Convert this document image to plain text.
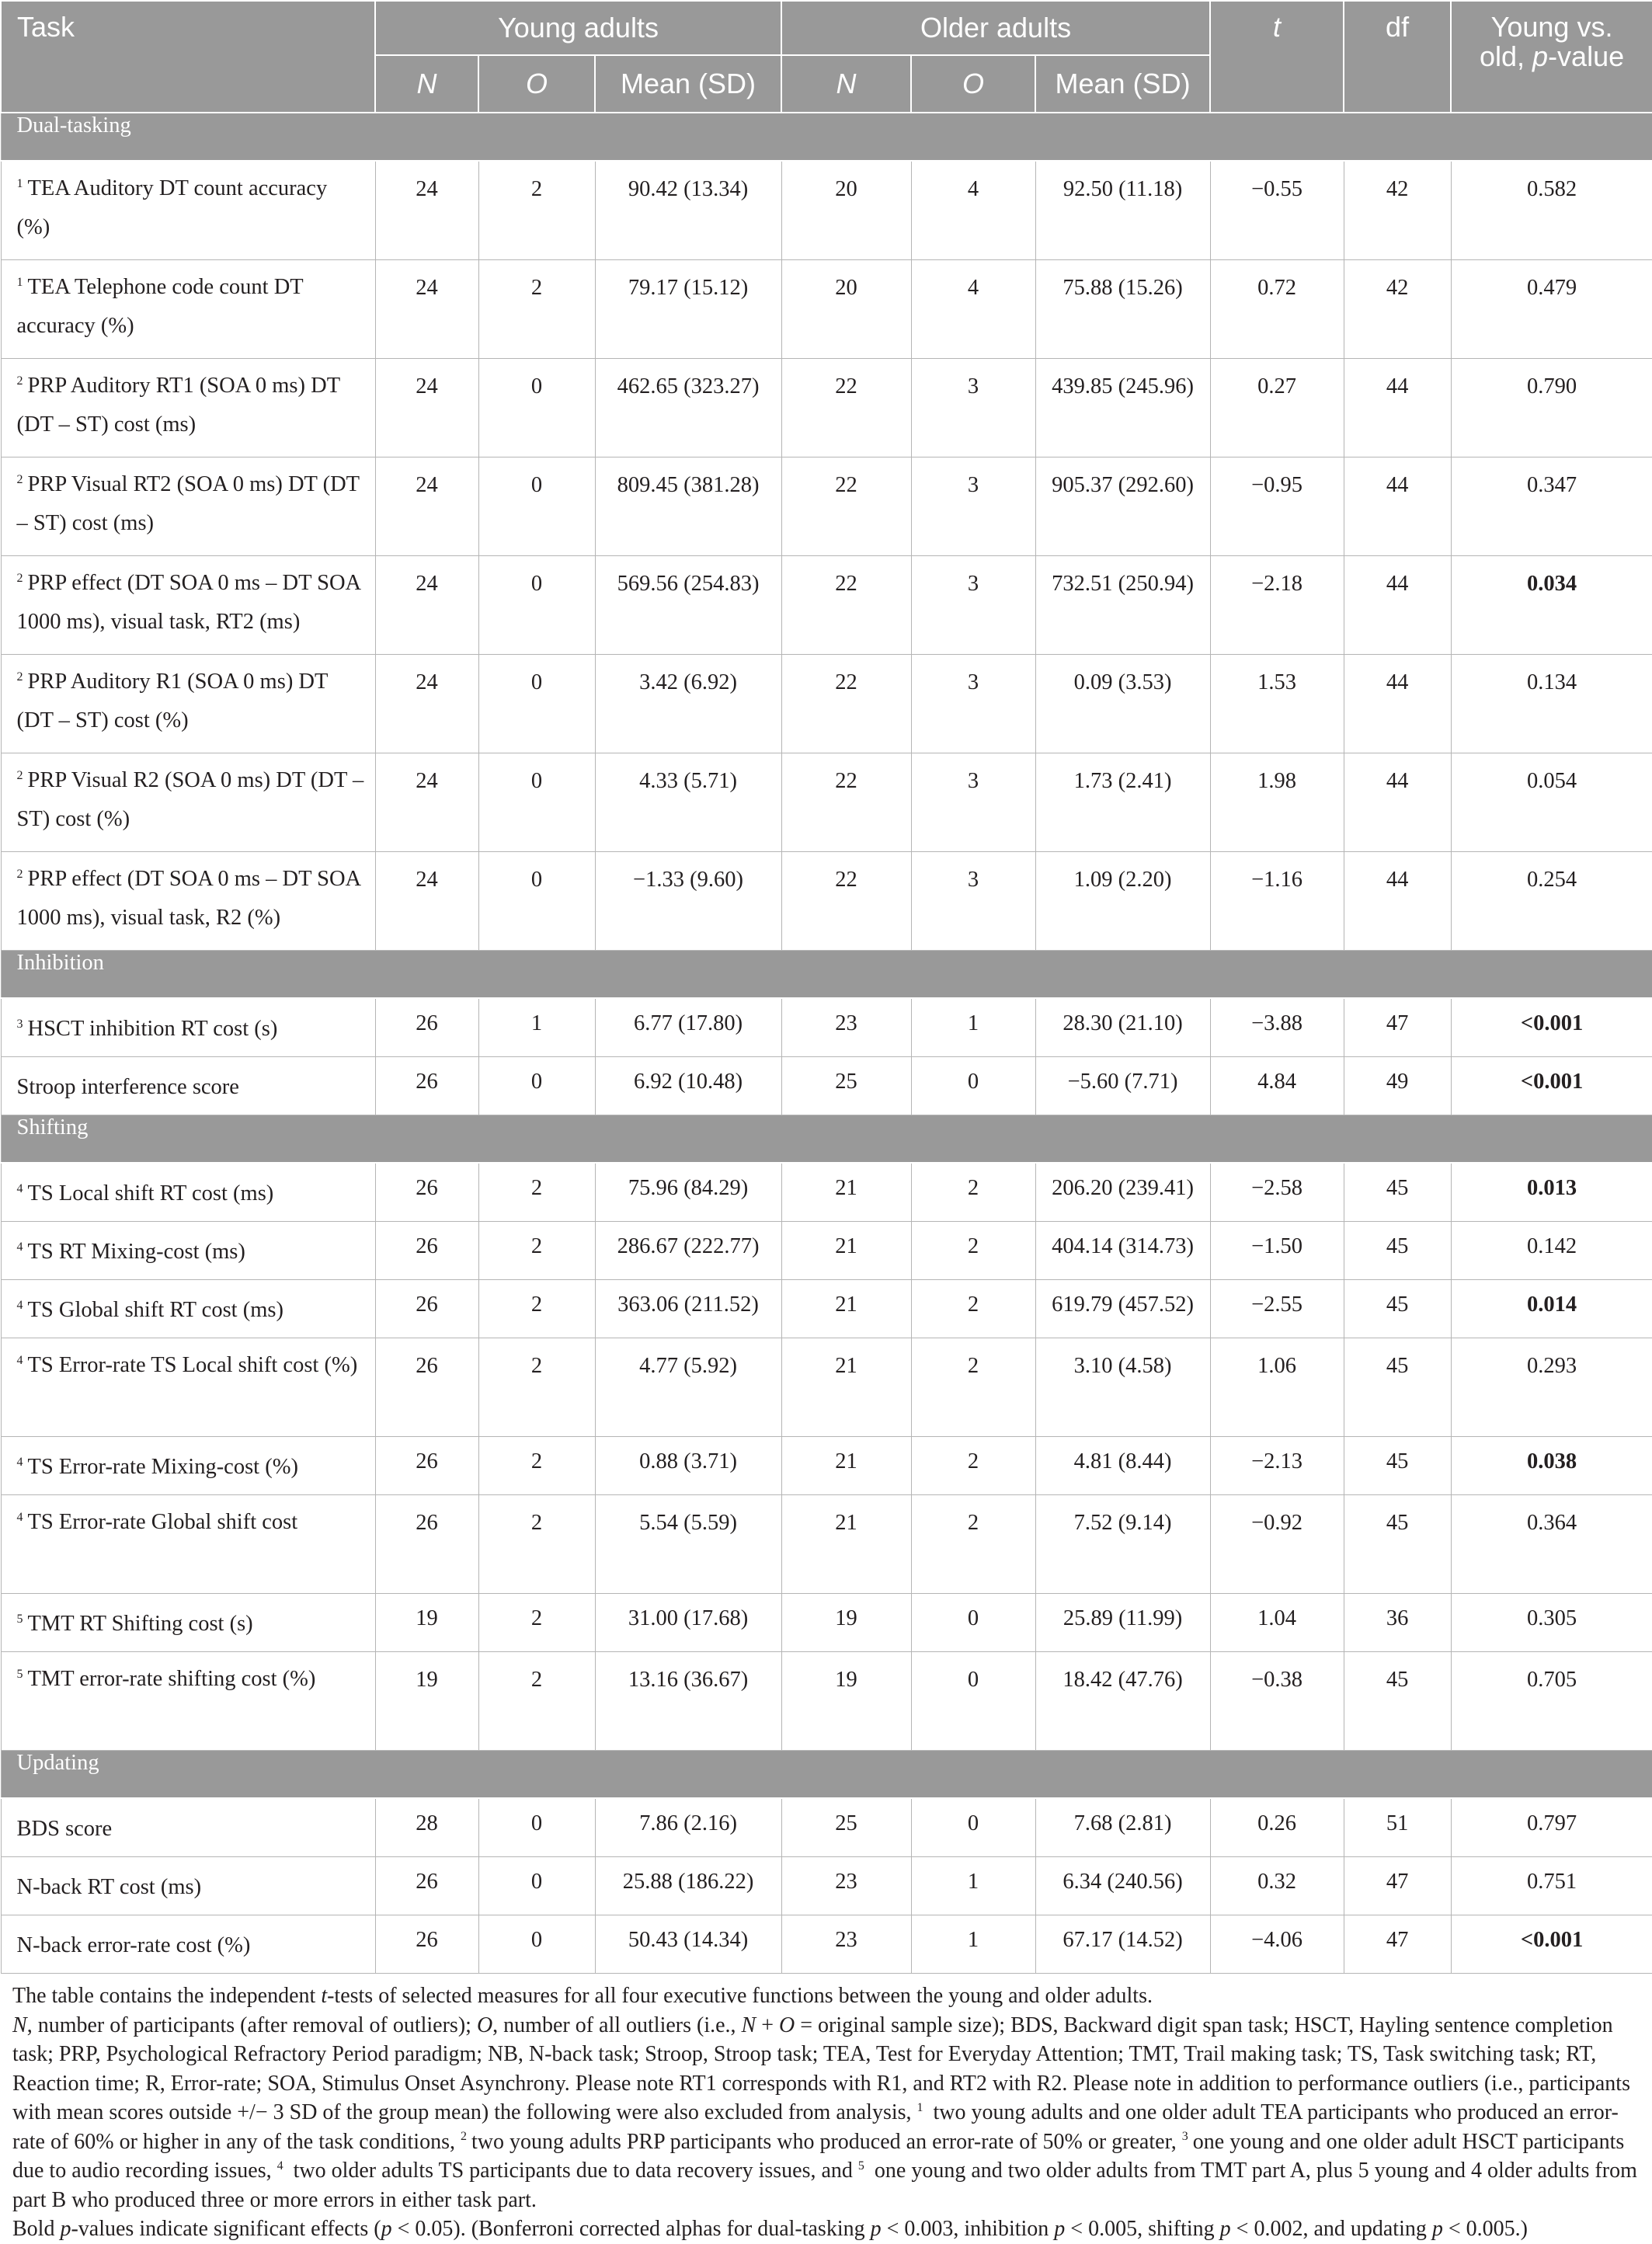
Task	Young adults			Older adults			t	df	Young vs.
old, p-value
	N	O	Mean (SD)	N	O	Mean (SD)			
Dual-tasking									
$^1$ TEA Auditory DT count accuracy (%)	24	2	90.42 (13.34)	20	4	92.50 (11.18)	−0.55	42	0.582
$^1$ TEA Telephone code count DT accuracy (%)	24	2	79.17 (15.12)	20	4	75.88 (15.26)	0.72	42	0.479
$^2$ PRP Auditory RT1 (SOA 0 ms) DT (DT – ST) cost (ms)	24	0	462.65 (323.27)	22	3	439.85 (245.96)	0.27	44	0.790
$^2$ PRP Visual RT2 (SOA 0 ms) DT (DT – ST) cost (ms)	24	0	809.45 (381.28)	22	3	905.37 (292.60)	−0.95	44	0.347
$^2$ PRP effect (DT SOA 0 ms – DT SOA 1000 ms), visual task, RT2 (ms)	24	0	569.56 (254.83)	22	3	732.51 (250.94)	−2.18	44	0.034
$^2$ PRP Auditory R1 (SOA 0 ms) DT (DT – ST) cost (%)	24	0	3.42 (6.92)	22	3	0.09 (3.53)	1.53	44	0.134
$^2$ PRP Visual R2 (SOA 0 ms) DT (DT – ST) cost (%)	24	0	4.33 (5.71)	22	3	1.73 (2.41)	1.98	44	0.054
$^2$ PRP effect (DT SOA 0 ms – DT SOA 1000 ms), visual task, R2 (%)	24	0	−1.33 (9.60)	22	3	1.09 (2.20)	−1.16	44	0.254
Inhibition									
$^3$ HSCT inhibition RT cost (s)	26	1	6.77 (17.80)	23	1	28.30 (21.10)	−3.88	47	<0.001
Stroop interference score	26	0	6.92 (10.48)	25	0	−5.60 (7.71)	4.84	49	<0.001
Shifting									
$^4$ TS Local shift RT cost (ms)	26	2	75.96 (84.29)	21	2	206.20 (239.41)	−2.58	45	0.013
$^4$ TS RT Mixing-cost (ms)	26	2	286.67 (222.77)	21	2	404.14 (314.73)	−1.50	45	0.142
$^4$ TS Global shift RT cost (ms)	26	2	363.06 (211.52)	21	2	619.79 (457.52)	−2.55	45	0.014
$^4$ TS Error-rate TS Local shift cost (%)	26	2	4.77 (5.92)	21	2	3.10 (4.58)	1.06	45	0.293
$^4$ TS Error-rate Mixing-cost (%)	26	2	0.88 (3.71)	21	2	4.81 (8.44)	−2.13	45	0.038
$^4$ TS Error-rate Global shift cost	26	2	5.54 (5.59)	21	2	7.52 (9.14)	−0.92	45	0.364
$^5$ TMT RT Shifting cost (s)	19	2	31.00 (17.68)	19	0	25.89 (11.99)	1.04	36	0.305
$^5$ TMT error-rate shifting cost (%)	19	2	13.16 (36.67)	19	0	18.42 (47.76)	−0.38	45	0.705
Updating									
BDS score	28	0	7.86 (2.16)	25	0	7.68 (2.81)	0.26	51	0.797
N-back RT cost (ms)	26	0	25.88 (186.22)	23	1	6.34 (240.56)	0.32	47	0.751
N-back error-rate cost (%)	26	0	50.43 (14.34)	23	1	67.17 (14.52)	−4.06	47	<0.001

The table contains the independent t-tests of selected measures for all four executive functions between the young and older adults.

N, number of participants (after removal of outliers); O, number of all outliers (i.e., N + O = original sample size); BDS, Backward digit span task; HSCT, Hayling sentence completion task; PRP, Psychological Refractory Period paradigm; NB, N-back task; Stroop, Stroop task; TEA, Test for Everyday Attention; TMT, Trail making task; TS, Task switching task; RT, Reaction time; R, Error-rate; SOA, Stimulus Onset Asynchrony. Please note RT1 corresponds with R1, and RT2 with R2. Please note in addition to performance outliers (i.e., participants with mean scores outside +/− 3 SD of the group mean) the following were also excluded from analysis, $^1$ two young adults and one older adult TEA participants who produced an error-rate of 60% or higher in any of the task conditions, $^2$ two young adults PRP participants who produced an error-rate of 50% or greater, $^3$ one young and one older adult HSCT participants due to audio recording issues, $^4$ two older adults TS participants due to data recovery issues, and $^5$ one young and two older adults from TMT part A, plus 5 young and 4 older adults from part B who produced three or more errors in either task part.

Bold p-values indicate significant effects (p < 0.05). (Bonferroni corrected alphas for dual-tasking p < 0.003, inhibition p < 0.005, shifting p < 0.002, and updating p < 0.005.)
